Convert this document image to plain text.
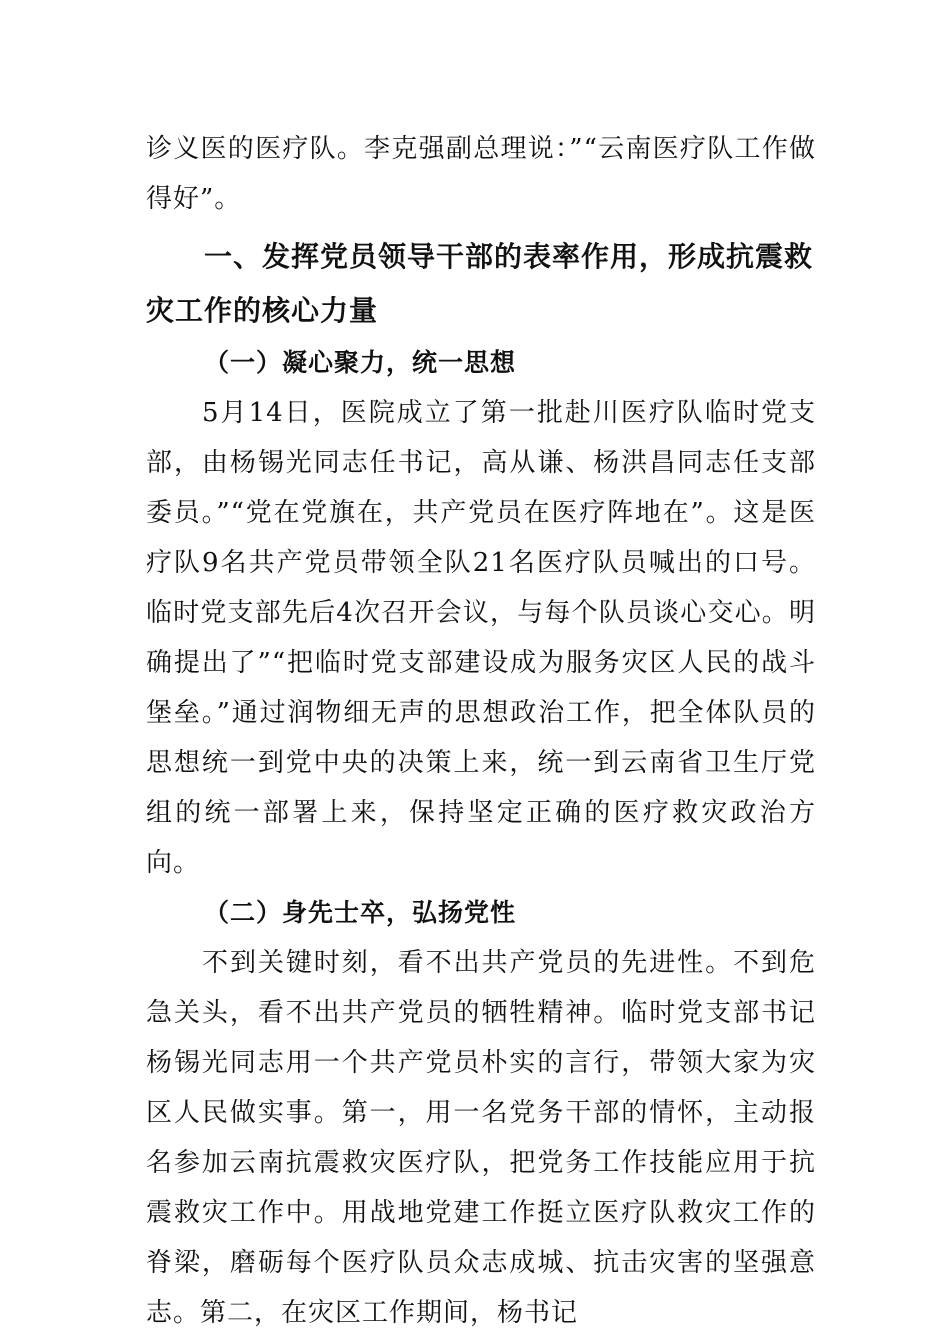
诊义医的医疗队。李克强副总理说：”“云南医疗队工作做得好”。

一、发挥党员领导干部的表率作用，形成抗震救灾工作的核心力量
（一）凝心聚力，统一思想

5月14日，医院成立了第一批赴川医疗队临时党支部，由杨锡光同志任书记，高从谦、杨洪昌同志任支部委员。”“党在党旗在，共产党员在医疗阵地在”。这是医疗队9名共产党员带领全队21名医疗队员喊出的口号。临时党支部先后4次召开会议，与每个队员谈心交心。明确提出了”“把临时党支部建设成为服务灾区人民的战斗堡垒。”通过润物细无声的思想政治工作，把全体队员的思想统一到党中央的决策上来，统一到云南省卫生厅党组的统一部署上来，保持坚定正确的医疗救灾政治方向。

（二）身先士卒，弘扬党性

不到关键时刻，看不出共产党员的先进性。不到危急关头，看不出共产党员的牺牲精神。临时党支部书记杨锡光同志用一个共产党员朴实的言行，带领大家为灾区人民做实事。第一，用一名党务干部的情怀，主动报名参加云南抗震救灾医疗队，把党务工作技能应用于抗震救灾工作中。用战地党建工作挺立医疗队救灾工作的脊梁，磨砺每个医疗队员众志成城、抗击灾害的坚强意志。第二，在灾区工作期间，杨书记
